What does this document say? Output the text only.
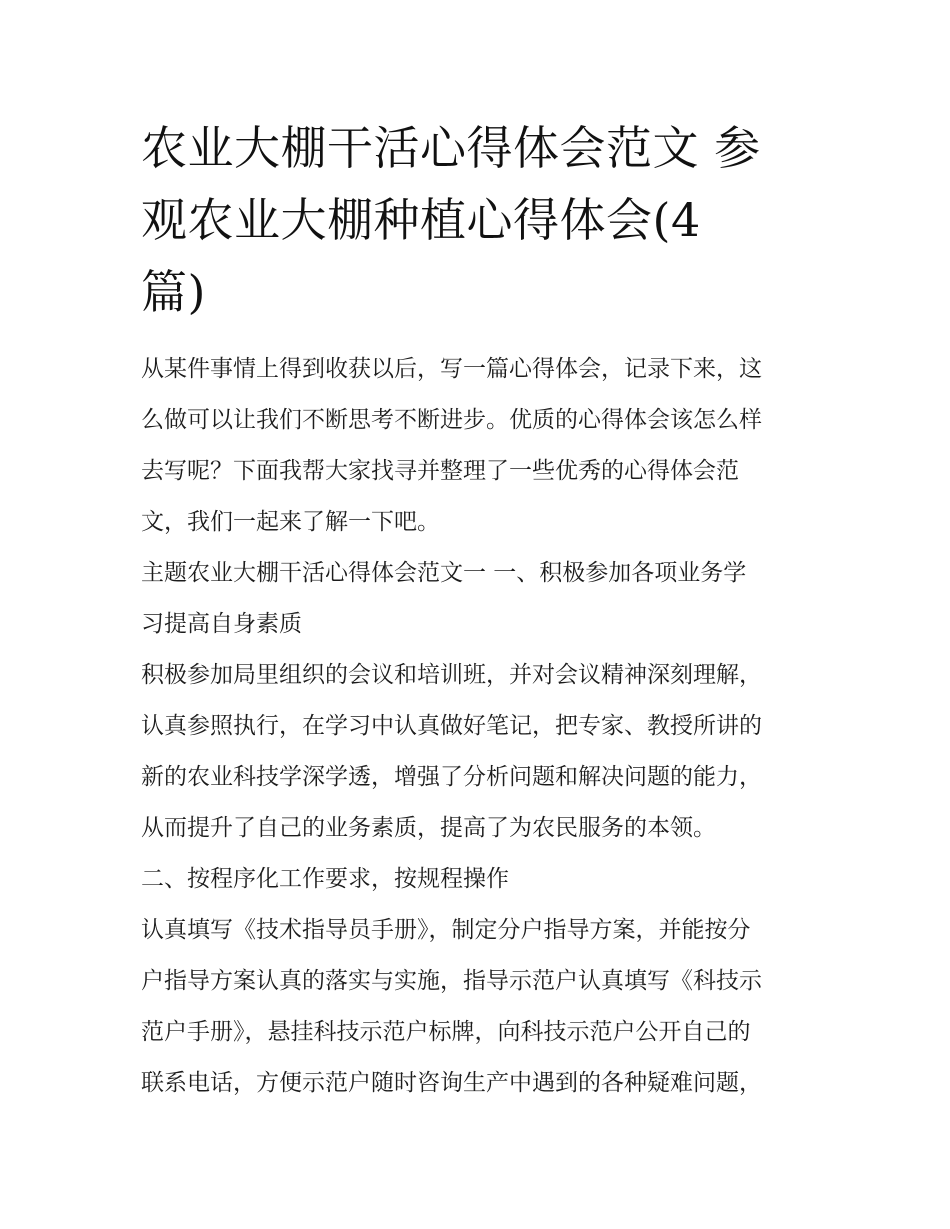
农业大棚干活心得体会范文 参
观农业大棚种植心得体会(4
篇)

从某件事情上得到收获以后，写一篇心得体会，记录下来，这
么做可以让我们不断思考不断进步。优质的心得体会该怎么样
去写呢？下面我帮大家找寻并整理了一些优秀的心得体会范
文，我们一起来了解一下吧。

主题农业大棚干活心得体会范文一 一、积极参加各项业务学
习提高自身素质

积极参加局里组织的会议和培训班，并对会议精神深刻理解，
认真参照执行，在学习中认真做好笔记，把专家、教授所讲的
新的农业科技学深学透，增强了分析问题和解决问题的能力，
从而提升了自己的业务素质，提高了为农民服务的本领。

二、按程序化工作要求，按规程操作

认真填写《技术指导员手册》，制定分户指导方案，并能按分
户指导方案认真的落实与实施，指导示范户认真填写《科技示
范户手册》，悬挂科技示范户标牌，向科技示范户公开自己的
联系电话，方便示范户随时咨询生产中遇到的各种疑难问题，
